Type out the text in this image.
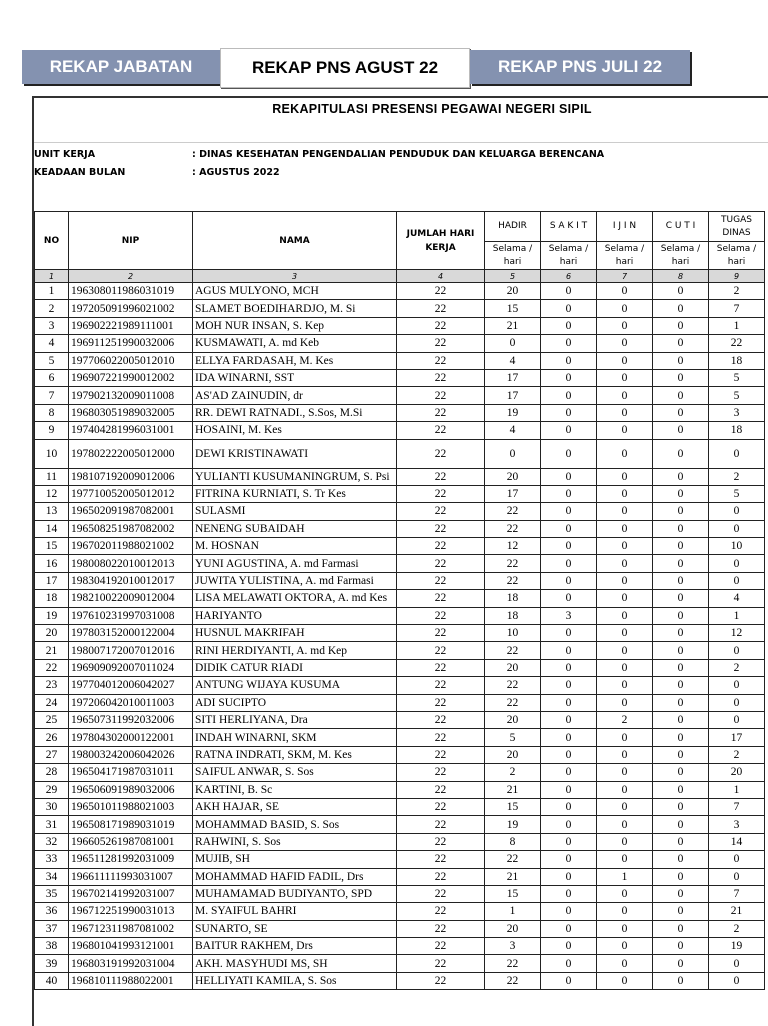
REKAP JABATAN	REKAP PNS AGUST 22	REKAP PNS JULI 22
REKAPITULASI PRESENSI PEGAWAI NEGERI SIPIL
UNIT KERJA	: DINAS KESEHATAN PENGENDALIAN PENDUDUK DAN KELUARGA BERENCANA
KEADAAN BULAN	: AGUSTUS 2022
NO	NIP	NAMA	JUMLAH HARI KERJA	HADIR	S A K I T	I J I N	C U T I	TUGAS DINAS
				Selama / hari	Selama / hari	Selama / hari	Selama / hari	Selama / hari
1	2	3	4	5	6	7	8	9
1	196308011986031019	AGUS MULYONO, MCH	22	20	0	0	0	2
2	197205091996021002	SLAMET BOEDIHARDJO, M. Si	22	15	0	0	0	7
3	196902221989111001	MOH NUR INSAN, S. Kep	22	21	0	0	0	1
4	196911251990032006	KUSMAWATI, A. md Keb	22	0	0	0	0	22
5	197706022005012010	ELLYA FARDASAH, M. Kes	22	4	0	0	0	18
6	196907221990012002	IDA WINARNI, SST	22	17	0	0	0	5
7	197902132009011008	AS'AD ZAINUDIN, dr	22	17	0	0	0	5
8	196803051989032005	RR. DEWI RATNADI., S.Sos, M.Si	22	19	0	0	0	3
9	197404281996031001	HOSAINI, M. Kes	22	4	0	0	0	18
10	197802222005012000	DEWI KRISTINAWATI	22	0	0	0	0	0
11	198107192009012006	YULIANTI KUSUMANINGRUM, S. Psi	22	20	0	0	0	2
12	197710052005012012	FITRINA KURNIATI, S. Tr Kes	22	17	0	0	0	5
13	196502091987082001	SULASMI	22	22	0	0	0	0
14	196508251987082002	NENENG SUBAIDAH	22	22	0	0	0	0
15	196702011988021002	M. HOSNAN	22	12	0	0	0	10
16	198008022010012013	YUNI AGUSTINA, A. md Farmasi	22	22	0	0	0	0
17	198304192010012017	JUWITA YULISTINA, A. md Farmasi	22	22	0	0	0	0
18	198210022009012004	LISA MELAWATI OKTORA, A. md Kes	22	18	0	0	0	4
19	197610231997031008	HARIYANTO	22	18	3	0	0	1
20	197803152000122004	HUSNUL MAKRIFAH	22	10	0	0	0	12
21	198007172007012016	RINI HERDIYANTI, A. md Kep	22	22	0	0	0	0
22	196909092007011024	DIDIK CATUR RIADI	22	20	0	0	0	2
23	197704012006042027	ANTUNG WIJAYA KUSUMA	22	22	0	0	0	0
24	197206042010011003	ADI SUCIPTO	22	22	0	0	0	0
25	196507311992032006	SITI HERLIYANA, Dra	22	20	0	2	0	0
26	197804302000122001	INDAH WINARNI, SKM	22	5	0	0	0	17
27	198003242006042026	RATNA INDRATI, SKM, M. Kes	22	20	0	0	0	2
28	196504171987031011	SAIFUL ANWAR, S. Sos	22	2	0	0	0	20
29	196506091989032006	KARTINI, B. Sc	22	21	0	0	0	1
30	196501011988021003	AKH HAJAR, SE	22	15	0	0	0	7
31	196508171989031019	MOHAMMAD BASID, S. Sos	22	19	0	0	0	3
32	196605261987081001	RAHWINI, S. Sos	22	8	0	0	0	14
33	196511281992031009	MUJIB, SH	22	22	0	0	0	0
34	196611111993031007	MOHAMMAD HAFID FADIL, Drs	22	21	0	1	0	0
35	196702141992031007	MUHAMAMAD BUDIYANTO, SPD	22	15	0	0	0	7
36	196712251990031013	M. SYAIFUL BAHRI	22	1	0	0	0	21
37	196712311987081002	SUNARTO, SE	22	20	0	0	0	2
38	196801041993121001	BAITUR RAKHEM, Drs	22	3	0	0	0	19
39	196803191992031004	AKH. MASYHUDI MS, SH	22	22	0	0	0	0
40	196810111988022001	HELLIYATI KAMILA, S. Sos	22	22	0	0	0	0
